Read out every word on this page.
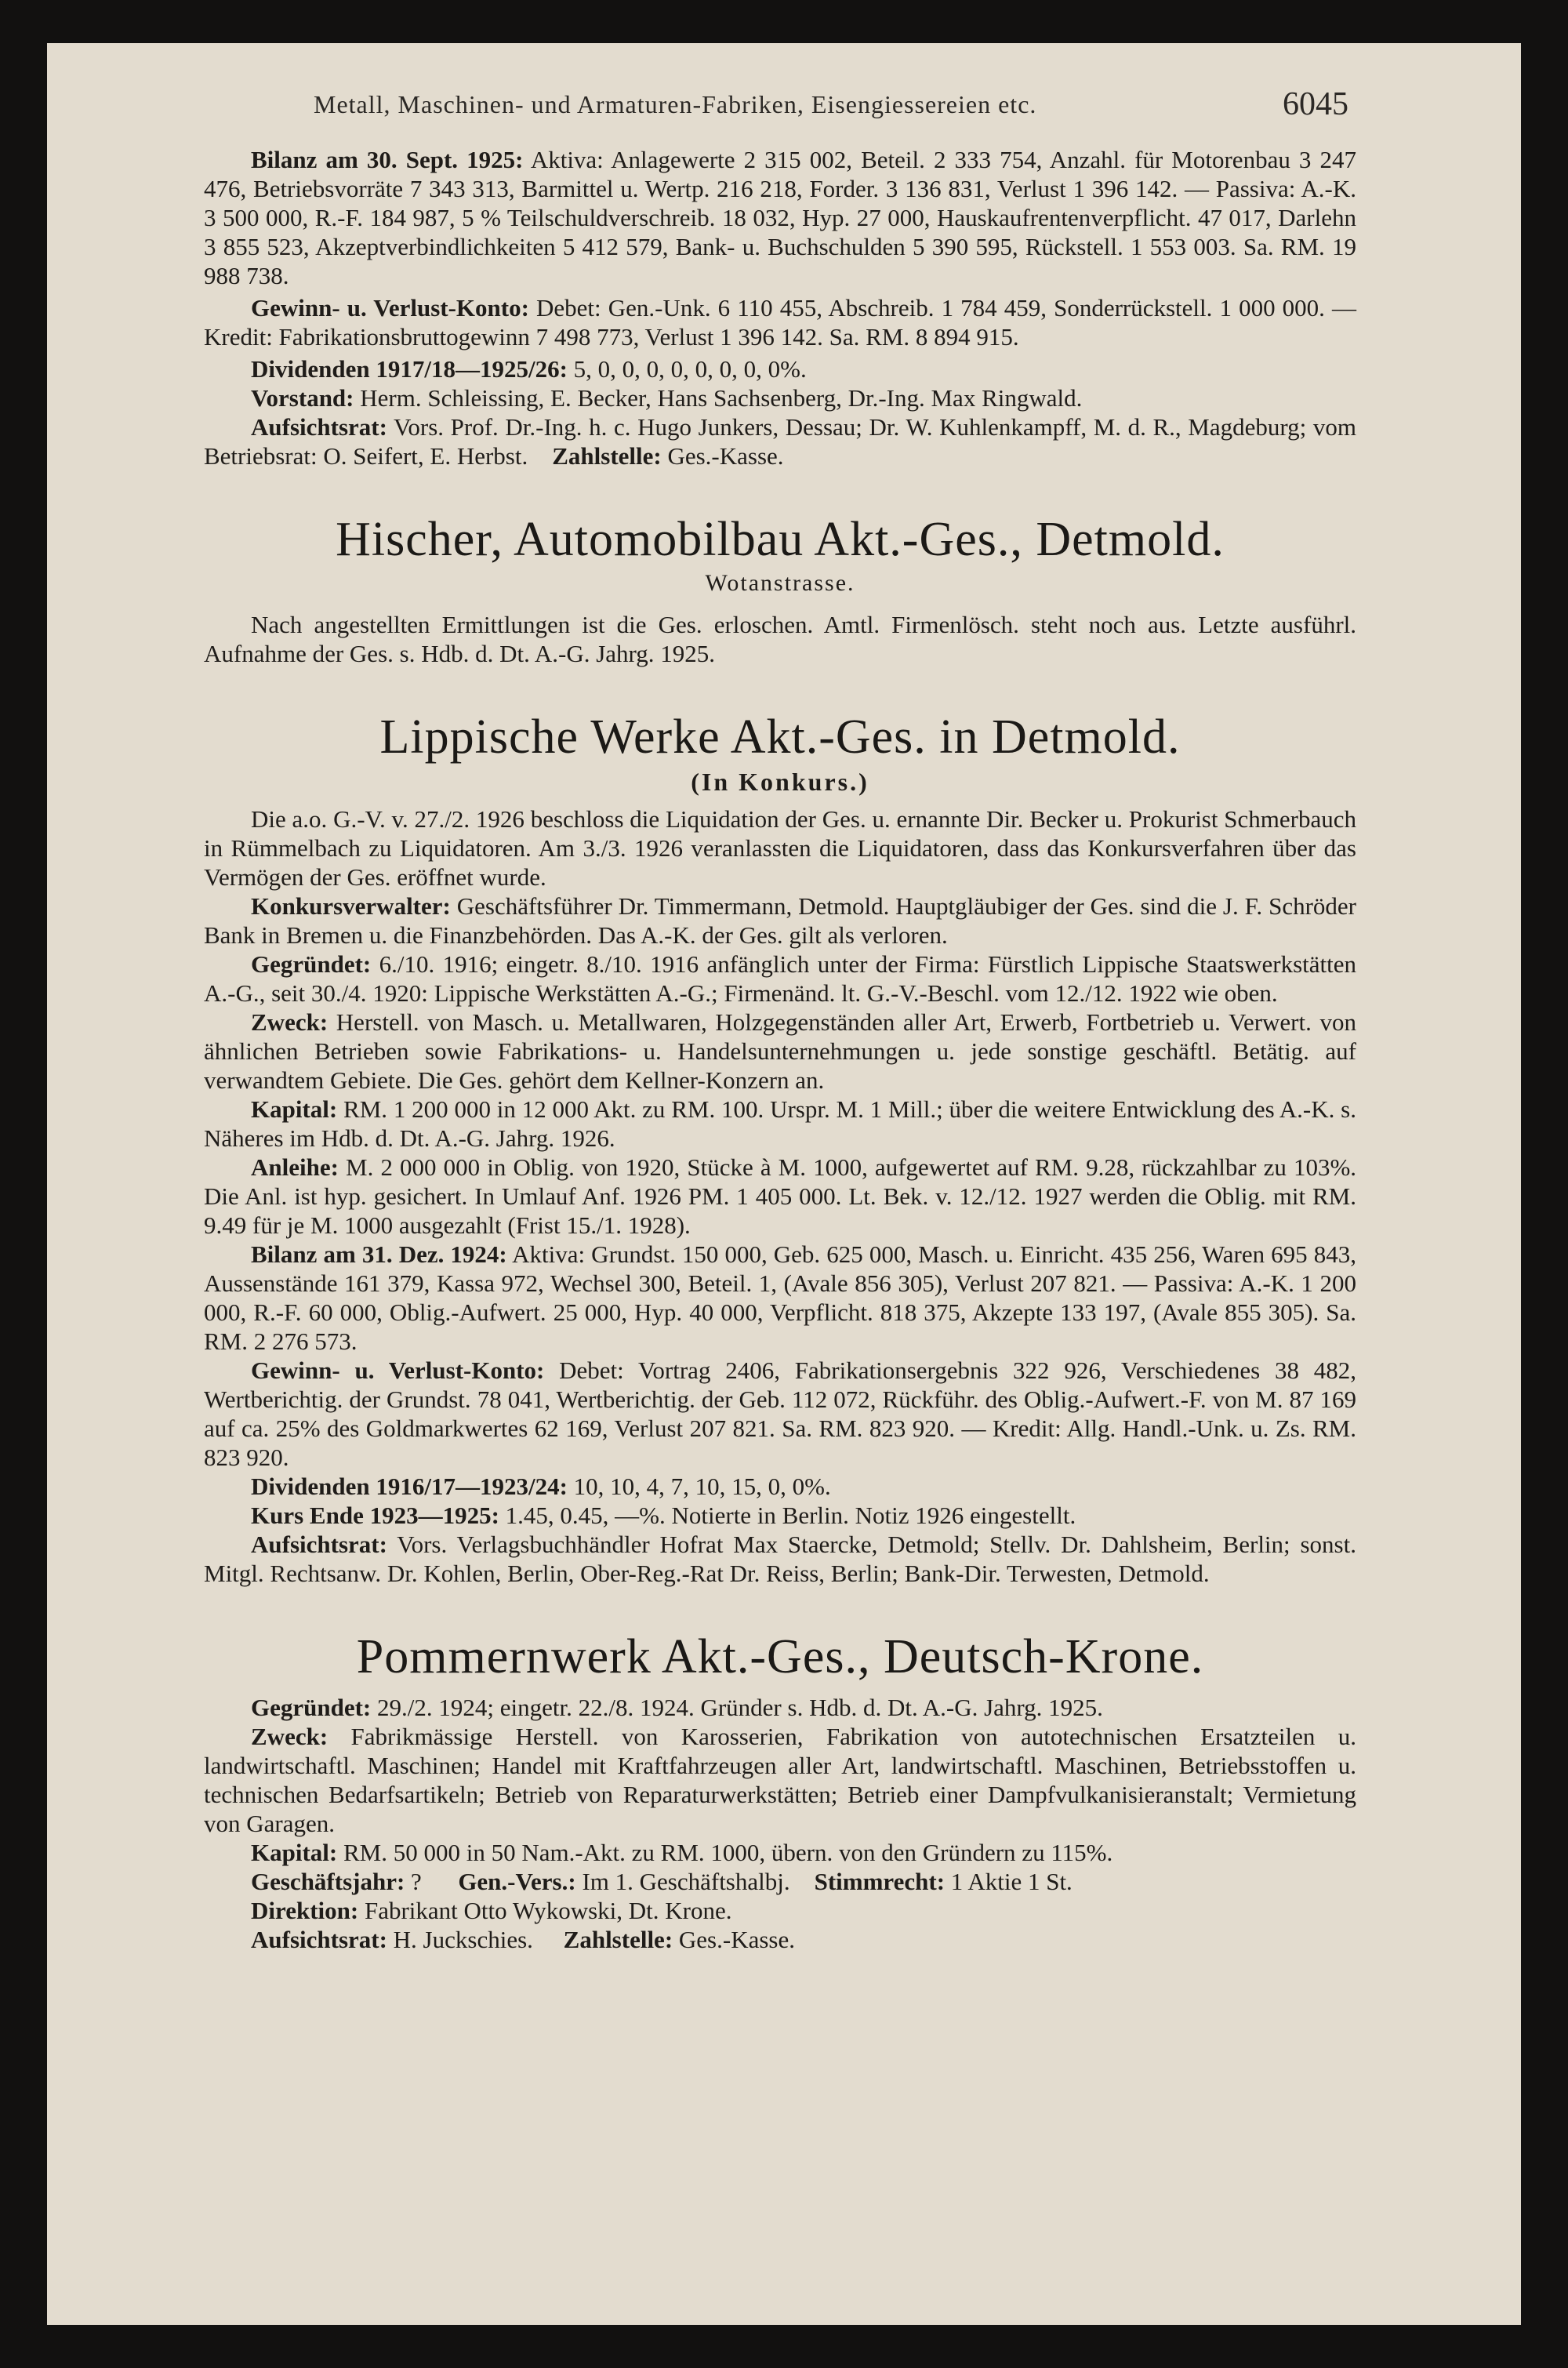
Metall, Maschinen- und Armaturen-Fabriken, Eisengiessereien etc.	6045

Bilanz am 30. Sept. 1925: Aktiva: Anlagewerte 2 315 002, Beteil. 2 333 754, Anzahl. für Motorenbau 3 247 476, Betriebsvorräte 7 343 313, Barmittel u. Wertp. 216 218, Forder. 3 136 831, Verlust 1 396 142. — Passiva: A.-K. 3 500 000, R.-F. 184 987, 5 % Teilschuldverschreib. 18 032, Hyp. 27 000, Hauskaufrentenverpflicht. 47 017, Darlehn 3 855 523, Akzeptverbindlichkeiten 5 412 579, Bank- u. Buchschulden 5 390 595, Rückstell. 1 553 003. Sa. RM. 19 988 738.

Gewinn- u. Verlust-Konto: Debet: Gen.-Unk. 6 110 455, Abschreib. 1 784 459, Sonderrückstell. 1 000 000. — Kredit: Fabrikationsbruttogewinn 7 498 773, Verlust 1 396 142. Sa. RM. 8 894 915.

Dividenden 1917/18—1925/26: 5, 0, 0, 0, 0, 0, 0, 0, 0%.

Vorstand: Herm. Schleissing, E. Becker, Hans Sachsenberg, Dr.-Ing. Max Ringwald.

Aufsichtsrat: Vors. Prof. Dr.-Ing. h. c. Hugo Junkers, Dessau; Dr. W. Kuhlenkampff, M. d. R., Magdeburg; vom Betriebsrat: O. Seifert, E. Herbst. Zahlstelle: Ges.-Kasse.

Hischer, Automobilbau Akt.-Ges., Detmold.
Wotanstrasse.

Nach angestellten Ermittlungen ist die Ges. erloschen. Amtl. Firmenlösch. steht noch aus. Letzte ausführl. Aufnahme der Ges. s. Hdb. d. Dt. A.-G. Jahrg. 1925.

Lippische Werke Akt.-Ges. in Detmold.
(In Konkurs.)

Die a.o. G.-V. v. 27./2. 1926 beschloss die Liquidation der Ges. u. ernannte Dir. Becker u. Prokurist Schmerbauch in Rümmelbach zu Liquidatoren. Am 3./3. 1926 veranlassten die Liquidatoren, dass das Konkursverfahren über das Vermögen der Ges. eröffnet wurde.

Konkursverwalter: Geschäftsführer Dr. Timmermann, Detmold. Hauptgläubiger der Ges. sind die J. F. Schröder Bank in Bremen u. die Finanzbehörden. Das A.-K. der Ges. gilt als verloren.

Gegründet: 6./10. 1916; eingetr. 8./10. 1916 anfänglich unter der Firma: Fürstlich Lippische Staatswerkstätten A.-G., seit 30./4. 1920: Lippische Werkstätten A.-G.; Firmenänd. lt. G.-V.-Beschl. vom 12./12. 1922 wie oben.

Zweck: Herstell. von Masch. u. Metallwaren, Holzgegenständen aller Art, Erwerb, Fortbetrieb u. Verwert. von ähnlichen Betrieben sowie Fabrikations- u. Handelsunternehmungen u. jede sonstige geschäftl. Betätig. auf verwandtem Gebiete. Die Ges. gehört dem Kellner-Konzern an.

Kapital: RM. 1 200 000 in 12 000 Akt. zu RM. 100. Urspr. M. 1 Mill.; über die weitere Entwicklung des A.-K. s. Näheres im Hdb. d. Dt. A.-G. Jahrg. 1926.

Anleihe: M. 2 000 000 in Oblig. von 1920, Stücke à M. 1000, aufgewertet auf RM. 9.28, rückzahlbar zu 103%. Die Anl. ist hyp. gesichert. In Umlauf Anf. 1926 PM. 1 405 000. Lt. Bek. v. 12./12. 1927 werden die Oblig. mit RM. 9.49 für je M. 1000 ausgezahlt (Frist 15./1. 1928).

Bilanz am 31. Dez. 1924: Aktiva: Grundst. 150 000, Geb. 625 000, Masch. u. Einricht. 435 256, Waren 695 843, Aussenstände 161 379, Kassa 972, Wechsel 300, Beteil. 1, (Avale 856 305), Verlust 207 821. — Passiva: A.-K. 1 200 000, R.-F. 60 000, Oblig.-Aufwert. 25 000, Hyp. 40 000, Verpflicht. 818 375, Akzepte 133 197, (Avale 855 305). Sa. RM. 2 276 573.

Gewinn- u. Verlust-Konto: Debet: Vortrag 2406, Fabrikationsergebnis 322 926, Verschiedenes 38 482, Wertberichtig. der Grundst. 78 041, Wertberichtig. der Geb. 112 072, Rückführ. des Oblig.-Aufwert.-F. von M. 87 169 auf ca. 25% des Goldmarkwertes 62 169, Verlust 207 821. Sa. RM. 823 920. — Kredit: Allg. Handl.-Unk. u. Zs. RM. 823 920.

Dividenden 1916/17—1923/24: 10, 10, 4, 7, 10, 15, 0, 0%.

Kurs Ende 1923—1925: 1.45, 0.45, —%. Notierte in Berlin. Notiz 1926 eingestellt.

Aufsichtsrat: Vors. Verlagsbuchhändler Hofrat Max Staercke, Detmold; Stellv. Dr. Dahlsheim, Berlin; sonst. Mitgl. Rechtsanw. Dr. Kohlen, Berlin, Ober-Reg.-Rat Dr. Reiss, Berlin; Bank-Dir. Terwesten, Detmold.

Pommernwerk Akt.-Ges., Deutsch-Krone.

Gegründet: 29./2. 1924; eingetr. 22./8. 1924. Gründer s. Hdb. d. Dt. A.-G. Jahrg. 1925.

Zweck: Fabrikmässige Herstell. von Karosserien, Fabrikation von autotechnischen Ersatzteilen u. landwirtschaftl. Maschinen; Handel mit Kraftfahrzeugen aller Art, landwirtschaftl. Maschinen, Betriebsstoffen u. technischen Bedarfsartikeln; Betrieb von Reparaturwerkstätten; Betrieb einer Dampfvulkanisieranstalt; Vermietung von Garagen.

Kapital: RM. 50 000 in 50 Nam.-Akt. zu RM. 1000, übern. von den Gründern zu 115%.

Geschäftsjahr: ? Gen.-Vers.: Im 1. Geschäftshalbj. Stimmrecht: 1 Aktie 1 St.

Direktion: Fabrikant Otto Wykowski, Dt. Krone.

Aufsichtsrat: H. Juckschies. Zahlstelle: Ges.-Kasse.
